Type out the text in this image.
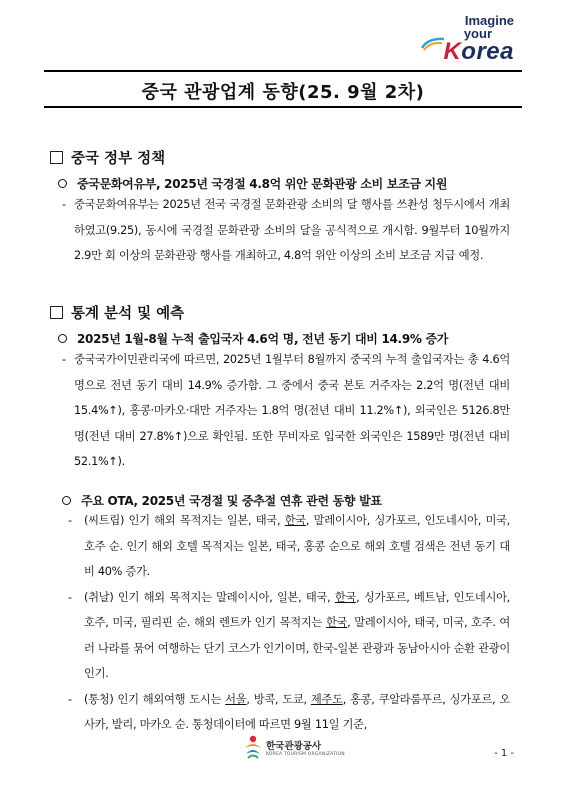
Imagine
your
Korea
중국 관광업계 동향(25. 9월 2차)
중국 정부 정책
중국문화여유부, 2025년 국경절 4.8억 위안 문화관광 소비 보조금 지원
- 중국문화여유부는 2025년 전국 국경절 문화관광 소비의 달 행사를 쓰촨성 청두시에서 개최하였고(9.25), 동시에 국경절 문화관광 소비의 달을 공식적으로 개시함. 9월부터 10월까지 2.9만 회 이상의 문화관광 행사를 개최하고, 4.8억 위안 이상의 소비 보조금 지급 예정.
통계 분석 및 예측
2025년 1월-8월 누적 출입국자 4.6억 명, 전년 동기 대비 14.9% 증가
- 중국국가이민관리국에 따르면, 2025년 1월부터 8월까지 중국의 누적 출입국자는 총 4.6억 명으로 전년 동기 대비 14.9% 증가함. 그 중에서 중국 본토 거주자는 2.2억 명(전년 대비 15.4%↑), 홍콩·마카오·대만 거주자는 1.8억 명(전년 대비 11.2%↑), 외국인은 5126.8만 명(전년 대비 27.8%↑)으로 확인됨. 또한 무비자로 입국한 외국인은 1589만 명(전년 대비 52.1%↑).
주요 OTA, 2025년 국경절 및 중추절 연휴 관련 동향 발표
-	(씨트립) 인기 해외 목적지는 일본, 태국, 한국, 말레이시아, 싱가포르, 인도네시아, 미국, 호주 순. 인기 해외 호텔 목적지는 일본, 태국, 홍콩 순으로 해외 호텔 검색은 전년 동기 대비 40% 증가.
-	(취날) 인기 해외 목적지는 말레이시아, 일본, 태국, 한국, 싱가포르, 베트남, 인도네시아, 호주, 미국, 필리핀 순. 해외 렌트카 인기 목적지는 한국, 말레이시아, 태국, 미국, 호주. 여러 나라를 묶어 여행하는 단기 코스가 인기이며, 한국-일본 관광과 동남아시아 순환 관광이 인기.
-	(통청) 인기 해외여행 도시는 서울, 방콕, 도쿄, 제주도, 홍콩, 쿠알라룸푸르, 싱가포르, 오사카, 발리, 마카오 순. 통청데이터에 따르면 9월 11일 기준,
한국관광공사
KOREA TOURISM ORGANIZATION	- 1 -
